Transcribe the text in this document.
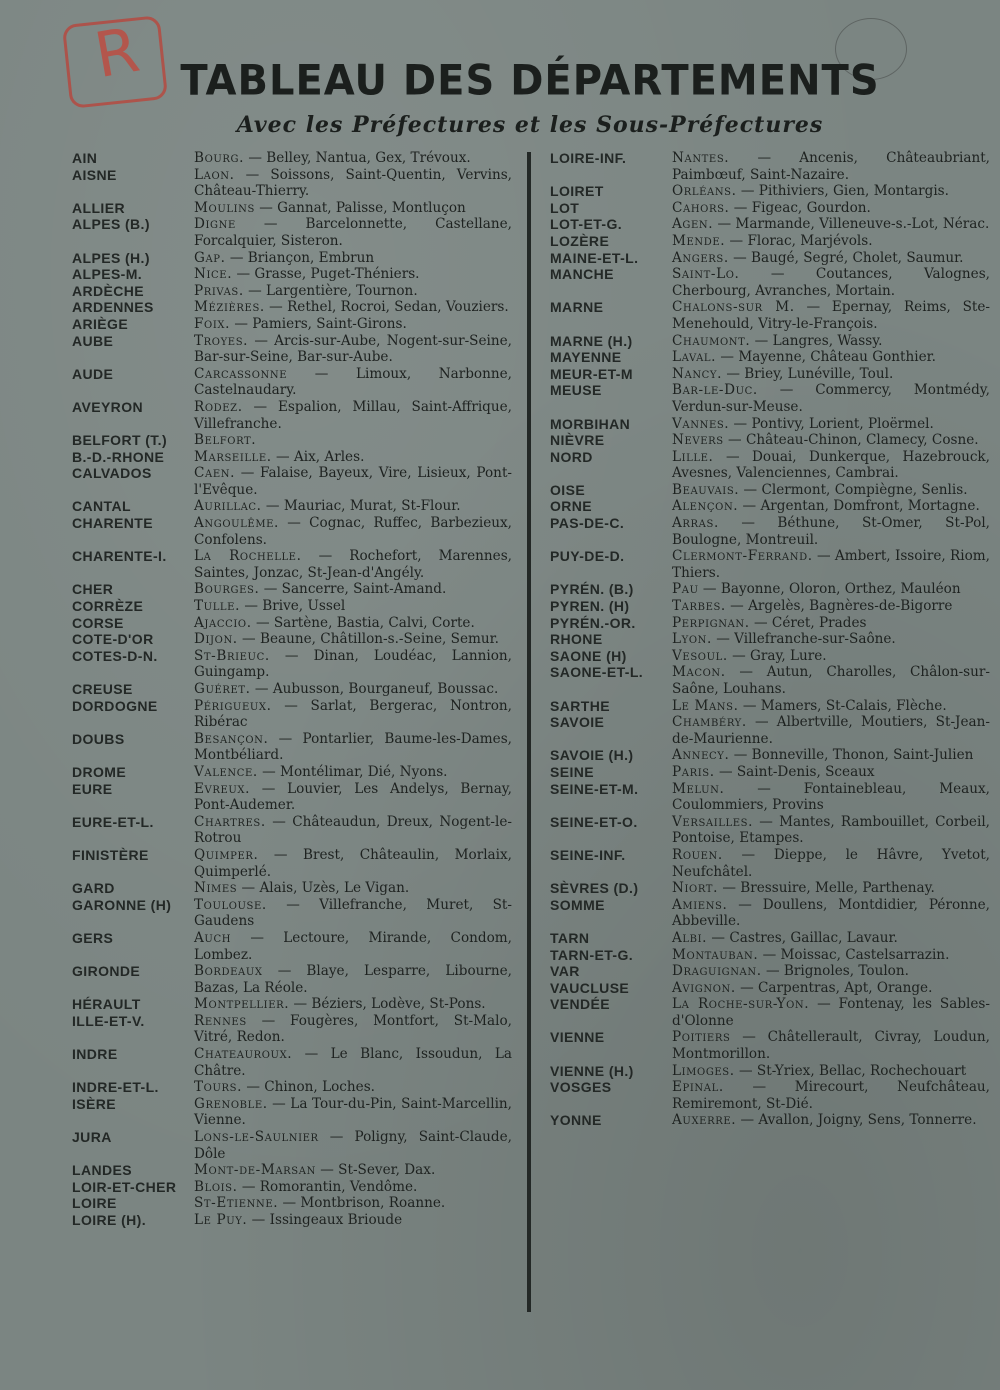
R TABLEAU DES DÉPARTEMENTS
Avec les Préfectures et les Sous-Préfectures
AIN	Bourg. — Belley, Nantua, Gex, Trévoux.
AISNE	Laon. — Soissons, Saint-Quentin, Vervins, Château-Thierry.
ALLIER	Moulins — Gannat, Palisse, Montluçon
ALPES (B.)	Digne — Barcelonnette, Castellane, Forcalquier, Sisteron.
ALPES (H.)	Gap. — Briançon, Embrun
ALPES-M.	Nice. — Grasse, Puget-Théniers.
ARDÈCHE	Privas. — Largentière, Tournon.
ARDENNES	Mézières. — Rethel, Rocroi, Sedan, Vouziers.
ARIÈGE	Foix. — Pamiers, Saint-Girons.
AUBE	Troyes. — Arcis-sur-Aube, Nogent-sur-Seine, Bar-sur-Seine, Bar-sur-Aube.
AUDE	Carcassonne — Limoux, Narbonne, Castelnaudary.
AVEYRON	Rodez. — Espalion, Millau, Saint-Affrique, Villefranche.
BELFORT (T.)	Belfort.
B.-D.-RHONE	Marseille. — Aix, Arles.
CALVADOS	Caen. — Falaise, Bayeux, Vire, Lisieux, Pont-l'Evêque.
CANTAL	Aurillac. — Mauriac, Murat, St-Flour.
CHARENTE	Angoulême. — Cognac, Ruffec, Barbezieux, Confolens.
CHARENTE-I.	La Rochelle. — Rochefort, Marennes, Saintes, Jonzac, St-Jean-d'Angély.
CHER	Bourges. — Sancerre, Saint-Amand.
CORRÈZE	Tulle. — Brive, Ussel
CORSE	Ajaccio. — Sartène, Bastia, Calvi, Corte.
COTE-D'OR	Dijon. — Beaune, Châtillon-s.-Seine, Semur.
COTES-D-N.	St-Brieuc. — Dinan, Loudéac, Lannion, Guingamp.
CREUSE	Guéret. — Aubusson, Bourganeuf, Boussac.
DORDOGNE	Périgueux. — Sarlat, Bergerac, Nontron, Ribérac
DOUBS	Besançon. — Pontarlier, Baume-les-Dames, Montbéliard.
DROME	Valence. — Montélimar, Dié, Nyons.
EURE	Evreux. — Louvier, Les Andelys, Bernay, Pont-Audemer.
EURE-ET-L.	Chartres. — Châteaudun, Dreux, Nogent-le-Rotrou
FINISTÈRE	Quimper. — Brest, Châteaulin, Morlaix, Quimperlé.
GARD	Nimes — Alais, Uzès, Le Vigan.
GARONNE (H)	Toulouse. — Villefranche, Muret, St-Gaudens
GERS	Auch — Lectoure, Mirande, Condom, Lombez.
GIRONDE	Bordeaux — Blaye, Lesparre, Libourne, Bazas, La Réole.
HÉRAULT	Montpellier. — Béziers, Lodève, St-Pons.
ILLE-ET-V.	Rennes — Fougères, Montfort, St-Malo, Vitré, Redon.
INDRE	Chateauroux. — Le Blanc, Issoudun, La Châtre.
INDRE-ET-L.	Tours. — Chinon, Loches.
ISÈRE	Grenoble. — La Tour-du-Pin, Saint-Marcellin, Vienne.
JURA	Lons-le-Saulnier — Poligny, Saint-Claude, Dôle
LANDES	Mont-de-Marsan — St-Sever, Dax.
LOIR-ET-CHER	Blois. — Romorantin, Vendôme.
LOIRE	St-Etienne. — Montbrison, Roanne.
LOIRE (H).	Le Puy. — Issingeaux Brioude
LOIRE-INF.	Nantes. — Ancenis, Châteaubriant, Paimbœuf, Saint-Nazaire.
LOIRET	Orléans. — Pithiviers, Gien, Montargis.
LOT	Cahors. — Figeac, Gourdon.
LOT-ET-G.	Agen. — Marmande, Villeneuve-s.-Lot, Nérac.
LOZÈRE	Mende. — Florac, Marjévols.
MAINE-ET-L.	Angers. — Baugé, Segré, Cholet, Saumur.
MANCHE	Saint-Lo. — Coutances, Valognes, Cherbourg, Avranches, Mortain.
MARNE	Chalons-sur M. — Epernay, Reims, Ste-Menehould, Vitry-le-François.
MARNE (H.)	Chaumont. — Langres, Wassy.
MAYENNE	Laval. — Mayenne, Château Gonthier.
MEUR-ET-M	Nancy. — Briey, Lunéville, Toul.
MEUSE	Bar-le-Duc. — Commercy, Montmédy, Verdun-sur-Meuse.
MORBIHAN	Vannes. — Pontivy, Lorient, Ploërmel.
NIÈVRE	Nevers — Château-Chinon, Clamecy, Cosne.
NORD	Lille. — Douai, Dunkerque, Hazebrouck, Avesnes, Valenciennes, Cambrai.
OISE	Beauvais. — Clermont, Compiègne, Senlis.
ORNE	Alençon. — Argentan, Domfront, Mortagne.
PAS-DE-C.	Arras. — Béthune, St-Omer, St-Pol, Boulogne, Montreuil.
PUY-DE-D.	Clermont-Ferrand. — Ambert, Issoire, Riom, Thiers.
PYRÉN. (B.)	Pau — Bayonne, Oloron, Orthez, Mauléon
PYREN. (H)	Tarbes. — Argelès, Bagnères-de-Bigorre
PYRÉN.-OR.	Perpignan. — Céret, Prades
RHONE	Lyon. — Villefranche-sur-Saône.
SAONE (H)	Vesoul. — Gray, Lure.
SAONE-ET-L.	Macon. — Autun, Charolles, Châlon-sur-Saône, Louhans.
SARTHE	Le Mans. — Mamers, St-Calais, Flèche.
SAVOIE	Chambéry. — Albertville, Moutiers, St-Jean-de-Maurienne.
SAVOIE (H.)	Annecy. — Bonneville, Thonon, Saint-Julien
SEINE	Paris. — Saint-Denis, Sceaux
SEINE-ET-M.	Melun. — Fontainebleau, Meaux, Coulommiers, Provins
SEINE-ET-O.	Versailles. — Mantes, Rambouillet, Corbeil, Pontoise, Etampes.
SEINE-INF.	Rouen. — Dieppe, le Hâvre, Yvetot, Neufchâtel.
SÈVRES (D.)	Niort. — Bressuire, Melle, Parthenay.
SOMME	Amiens. — Doullens, Montdidier, Péronne, Abbeville.
TARN	Albi. — Castres, Gaillac, Lavaur.
TARN-ET-G.	Montauban. — Moissac, Castelsarrazin.
VAR	Draguignan. — Brignoles, Toulon.
VAUCLUSE	Avignon. — Carpentras, Apt, Orange.
VENDÉE	La Roche-sur-Yon. — Fontenay, les Sables-d'Olonne
VIENNE	Poitiers — Châtellerault, Civray, Loudun, Montmorillon.
VIENNE (H.)	Limoges. — St-Yriex, Bellac, Rochechouart
VOSGES	Epinal. — Mirecourt, Neufchâteau, Remiremont, St-Dié.
YONNE	Auxerre. — Avallon, Joigny, Sens, Tonnerre.
